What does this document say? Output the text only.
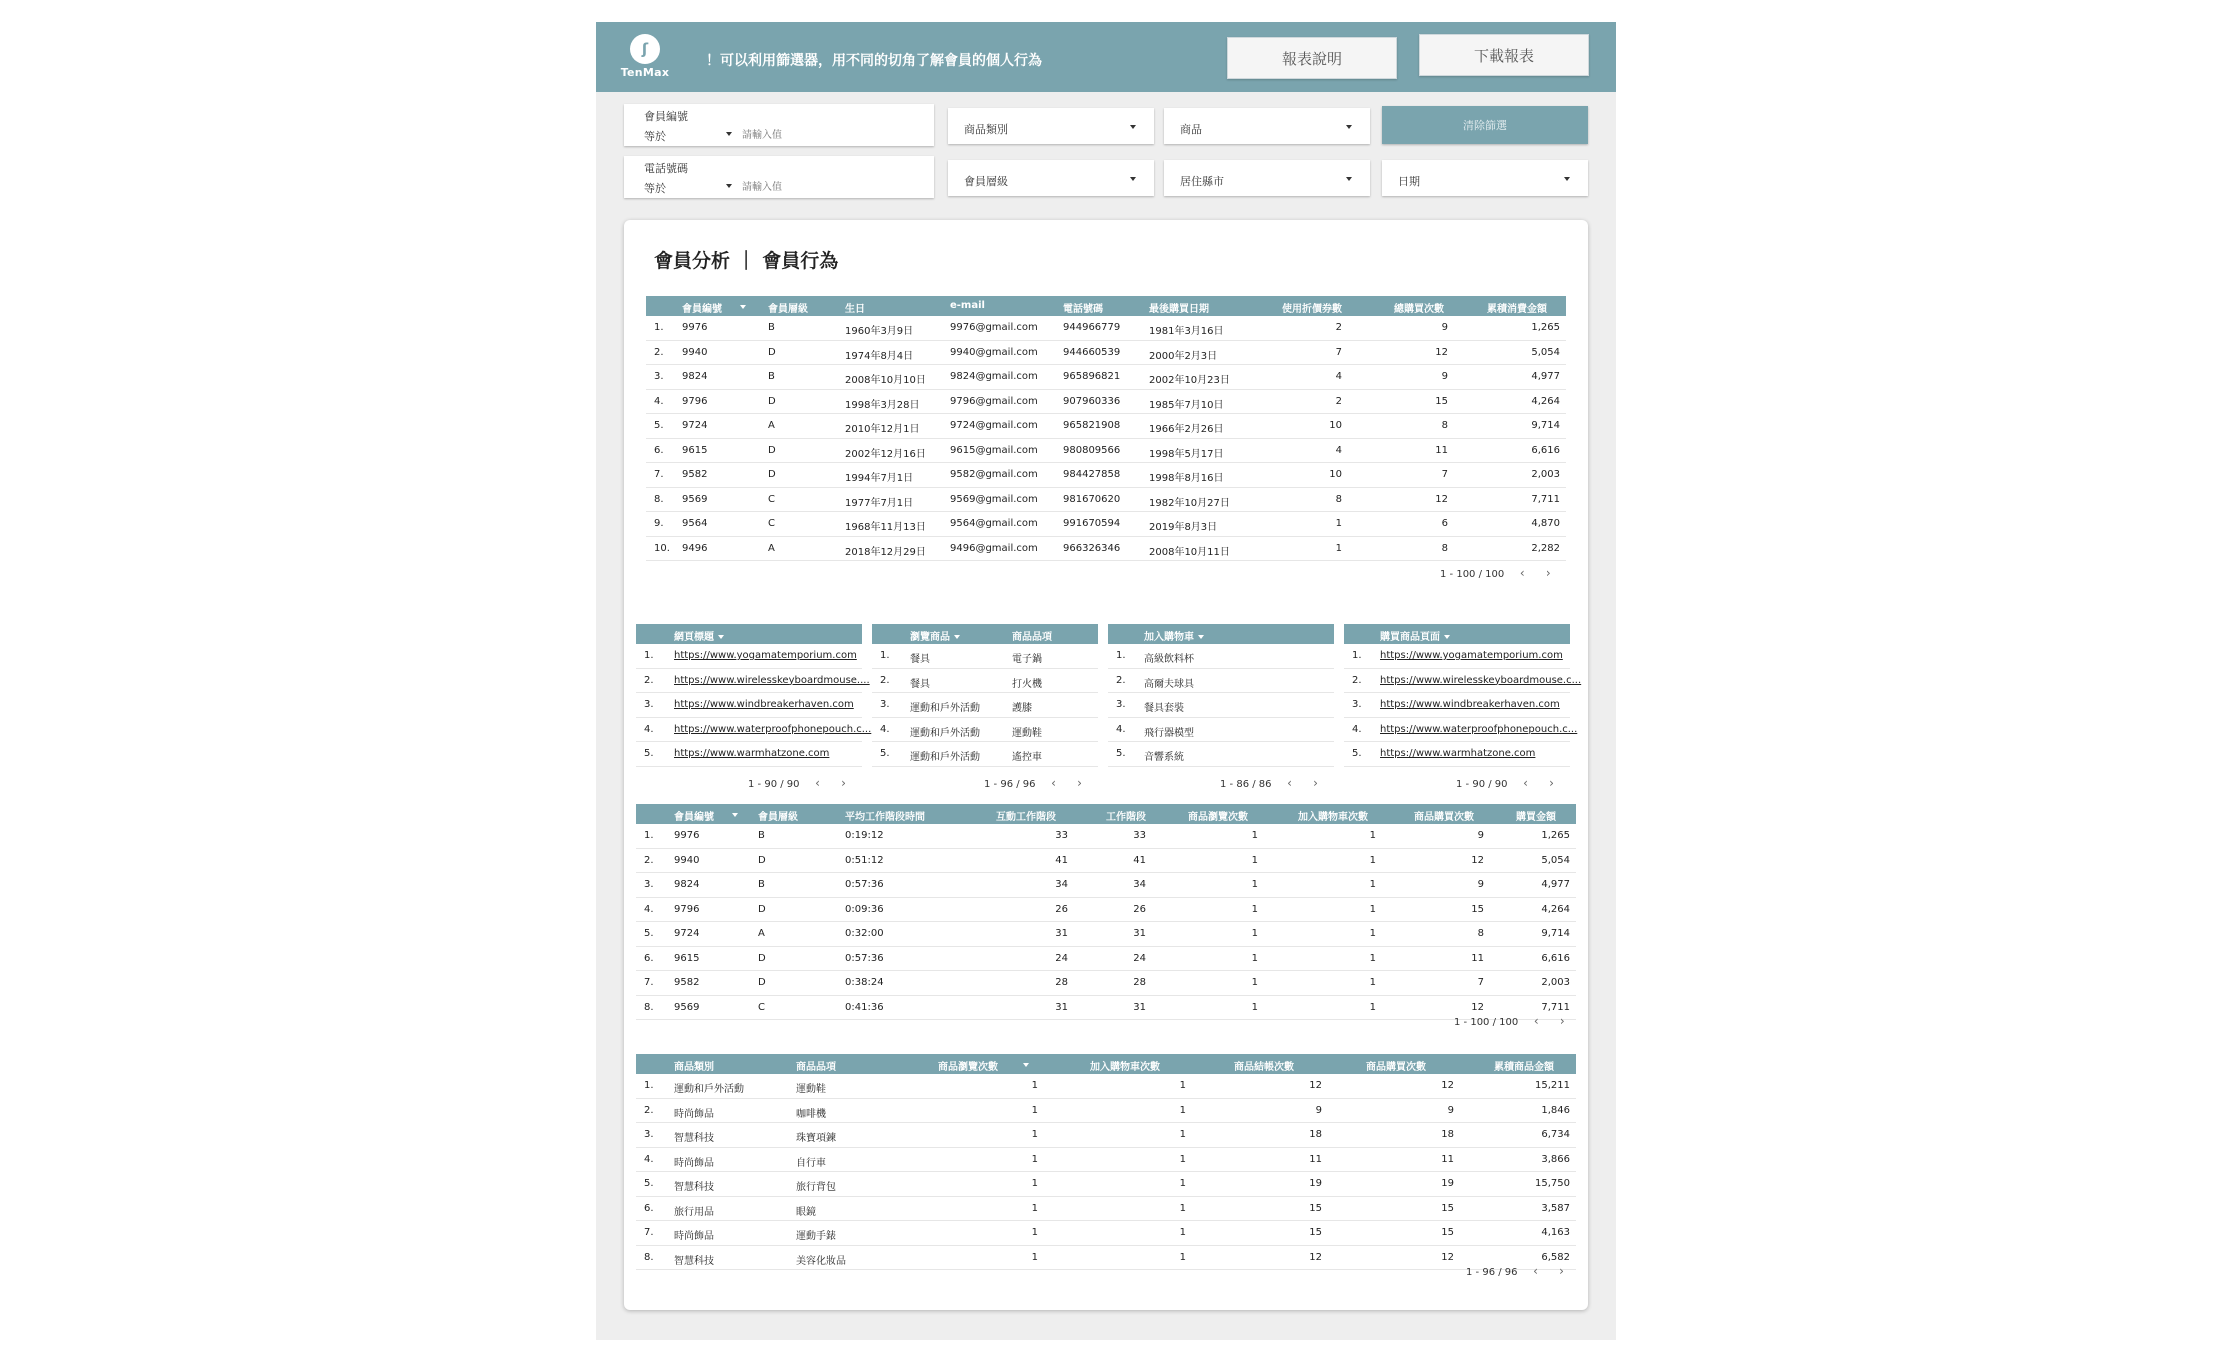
ʃ
TenMax
！可以利用篩選器，用不同的切角了解會員的個人行為	報表說明	下載報表
會員編號
等於
請輸入值
電話號碼
等於
請輸入值
商品類別	商品	清除篩選
會員層級	居住縣市	日期
會員分析 ｜ 會員行為
會員編號	會員層級	生日	e-mail	電話號碼	最後購買日期	使用折價券數	總購買次數	累積消費金額
1. 9976	B	1960年3月9日	9976@gmail.com	944966779	1981年3月16日	2	9	1,265
2. 9940	D	1974年8月4日	9940@gmail.com	944660539	2000年2月3日	7	12	5,054
3. 9824	B	2008年10月10日 9824@gmail.com	965896821	2002年10月23日	4	9	4,977
4. 9796	D	1998年3月28日	9796@gmail.com	907960336	1985年7月10日	2	15	4,264
5. 9724	A	2010年12月1日	9724@gmail.com	965821908	1966年2月26日	10	8	9,714
6. 9615	D	2002年12月16日 9615@gmail.com	980809566	1998年5月17日	4	11	6,616
7. 9582	D	1994年7月1日	9582@gmail.com	984427858	1998年8月16日	10	7	2,003
8. 9569	C	1977年7月1日	9569@gmail.com	981670620	1982年10月27日	8	12	7,711
9. 9564	C	1968年11月13日 9564@gmail.com	991670594	2019年8月3日	1	6	4,870
10. 9496	A	2018年12月29日 9496@gmail.com	966326346	2008年10月11日	1	8	2,282
1 - 100 / 100 ‹ ›
網頁標題
1. https://www.yogamatemporium.com
2. https://www.wirelesskeyboardmouse....
3. https://www.windbreakerhaven.com
4. https://www.waterproofphonepouch.c...
5. https://www.warmhatzone.com
1 - 90 / 90 ‹ ›
瀏覽商品	商品品項
1. 餐具	電子鍋
2. 餐具	打火機
3. 運動和戶外活動	護膝
4. 運動和戶外活動	運動鞋
5. 運動和戶外活動	遙控車
1 - 96 / 96 ‹ ›
加入購物車
1. 高級飲料杯
2. 高爾夫球具
3. 餐具套裝
4. 飛行器模型
5. 音響系統
1 - 86 / 86 ‹ ›
購買商品頁面
1. https://www.yogamatemporium.com
2. https://www.wirelesskeyboardmouse.c...
3. https://www.windbreakerhaven.com
4. https://www.waterproofphonepouch.c...
5. https://www.warmhatzone.com
1 - 90 / 90 ‹ ›
會員編號	會員層級	平均工作階段時間	互動工作階段	工作階段	商品瀏覽次數	加入購物車次數	商品購買次數	購買金額
1. 9976	B	0:19:12	33	33	1	1	9	1,265
2. 9940	D	0:51:12	41	41	1	1	12	5,054
3. 9824	B	0:57:36	34	34	1	1	9	4,977
4. 9796	D	0:09:36	26	26	1	1	15	4,264
5. 9724	A	0:32:00	31	31	1	1	8	9,714
6. 9615	D	0:57:36	24	24	1	1	11	6,616
7. 9582	D	0:38:24	28	28	1	1	7	2,003
8. 9569	C	0:41:36	31	31	1	1	12	7,711
1 - 100 / 100 ‹ ›
商品類別	商品品項	商品瀏覽次數	加入購物車次數	商品結帳次數	商品購買次數	累積商品金額
1. 運動和戶外活動	運動鞋	1	1	12	12	15,211
2. 時尚飾品	咖啡機	1	1	9	9	1,846
3. 智慧科技	珠寶項鍊	1	1	18	18	6,734
4. 時尚飾品	自行車	1	1	11	11	3,866
5. 智慧科技	旅行背包	1	1	19	19	15,750
6. 旅行用品	眼鏡	1	1	15	15	3,587
7. 時尚飾品	運動手錶	1	1	15	15	4,163
8. 智慧科技	美容化妝品	1	1	12	12	6,582
1 - 96 / 96 ‹ ›
